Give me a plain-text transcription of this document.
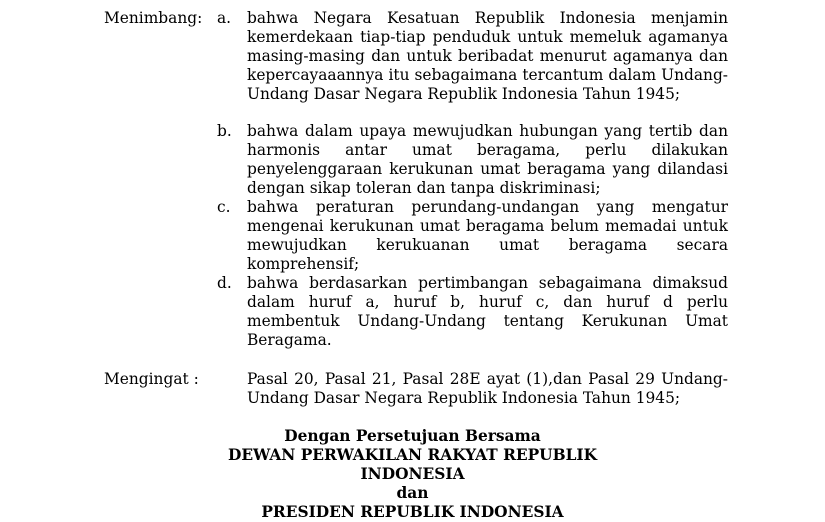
Menimbang: a. bahwa Negara Kesatuan Republik Indonesia menjamin kemerdekaan tiap-tiap penduduk untuk memeluk agamanya masing-masing dan untuk beribadat menurut agamanya dan kepercayaaannya itu sebagaimana tercantum dalam Undang-Undang Dasar Negara Republik Indonesia Tahun 1945;
b. bahwa dalam upaya mewujudkan hubungan yang tertib dan harmonis antar umat beragama, perlu dilakukan penyelenggaraan kerukunan umat beragama yang dilandasi dengan sikap toleran dan tanpa diskriminasi;
c. bahwa peraturan perundang-undangan yang mengatur mengenai kerukunan umat beragama belum memadai untuk mewujudkan kerukuanan umat beragama secara komprehensif;
d. bahwa berdasarkan pertimbangan sebagaimana dimaksud dalam huruf a, huruf b, huruf c, dan huruf d perlu membentuk Undang-Undang tentang Kerukunan Umat Beragama.
Mengingat :	Pasal 20, Pasal 21, Pasal 28E ayat (1),dan Pasal 29 Undang-Undang Dasar Negara Republik Indonesia Tahun 1945;
Dengan Persetujuan Bersama
DEWAN PERWAKILAN RAKYAT REPUBLIK
INDONESIA
dan
PRESIDEN REPUBLIK INDONESIA
